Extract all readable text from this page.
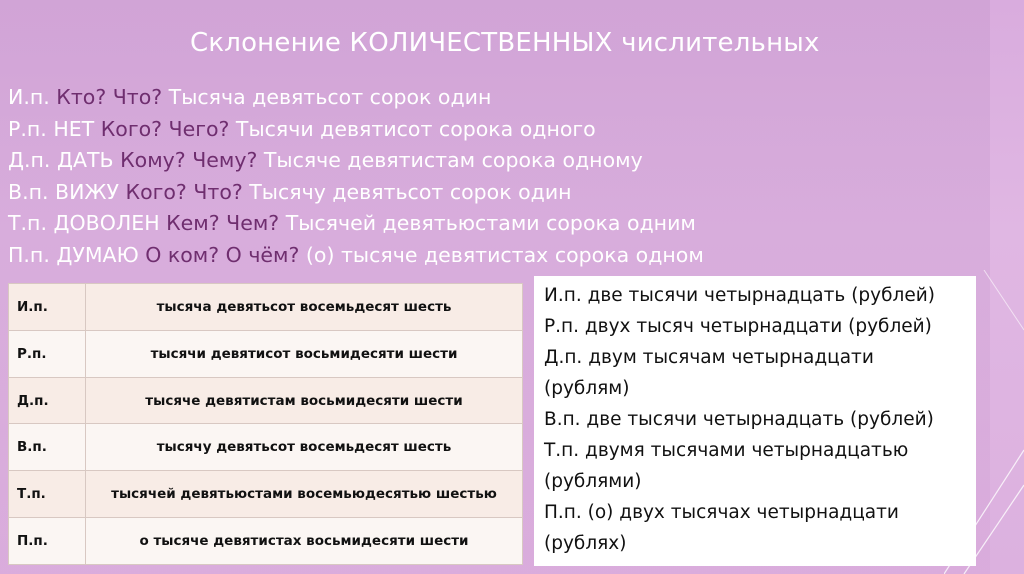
Склонение КОЛИЧЕСТВЕННЫХ числительных
И.п. Кто? Что? Тысяча девятьсот сорок один
Р.п. НЕТ Кого? Чего? Тысячи девятисот сорока одного
Д.п. ДАТЬ Кому? Чему? Тысяче девятистам сорока одному
В.п. ВИЖУ Кого? Что? Тысячу девятьсот сорок один
Т.п. ДОВОЛЕН Кем? Чем? Тысячей девятьюстами сорока одним
П.п. ДУМАЮ О ком? О чём? (о) тысяче девятистах сорока одном
И.п.	тысяча девятьсот восемьдесят шесть
Р.п.	тысячи девятисот восьмидесяти шести
Д.п.	тысяче девятистам восьмидесяти шести
В.п.	тысячу девятьсот восемьдесят шесть
Т.п.	тысячей девятьюстами восемьюдесятью шестью
П.п.	о тысяче девятистах восьмидесяти шести

И.п. две тысячи четырнадцать (рублей)

Р.п. двух тысяч четырнадцати (рублей)

Д.п. двум тысячам четырнадцати

(рублям)

В.п. две тысячи четырнадцать (рублей)

Т.п. двумя тысячами четырнадцатью

(рублями)

П.п. (о) двух тысячах четырнадцати

(рублях)
